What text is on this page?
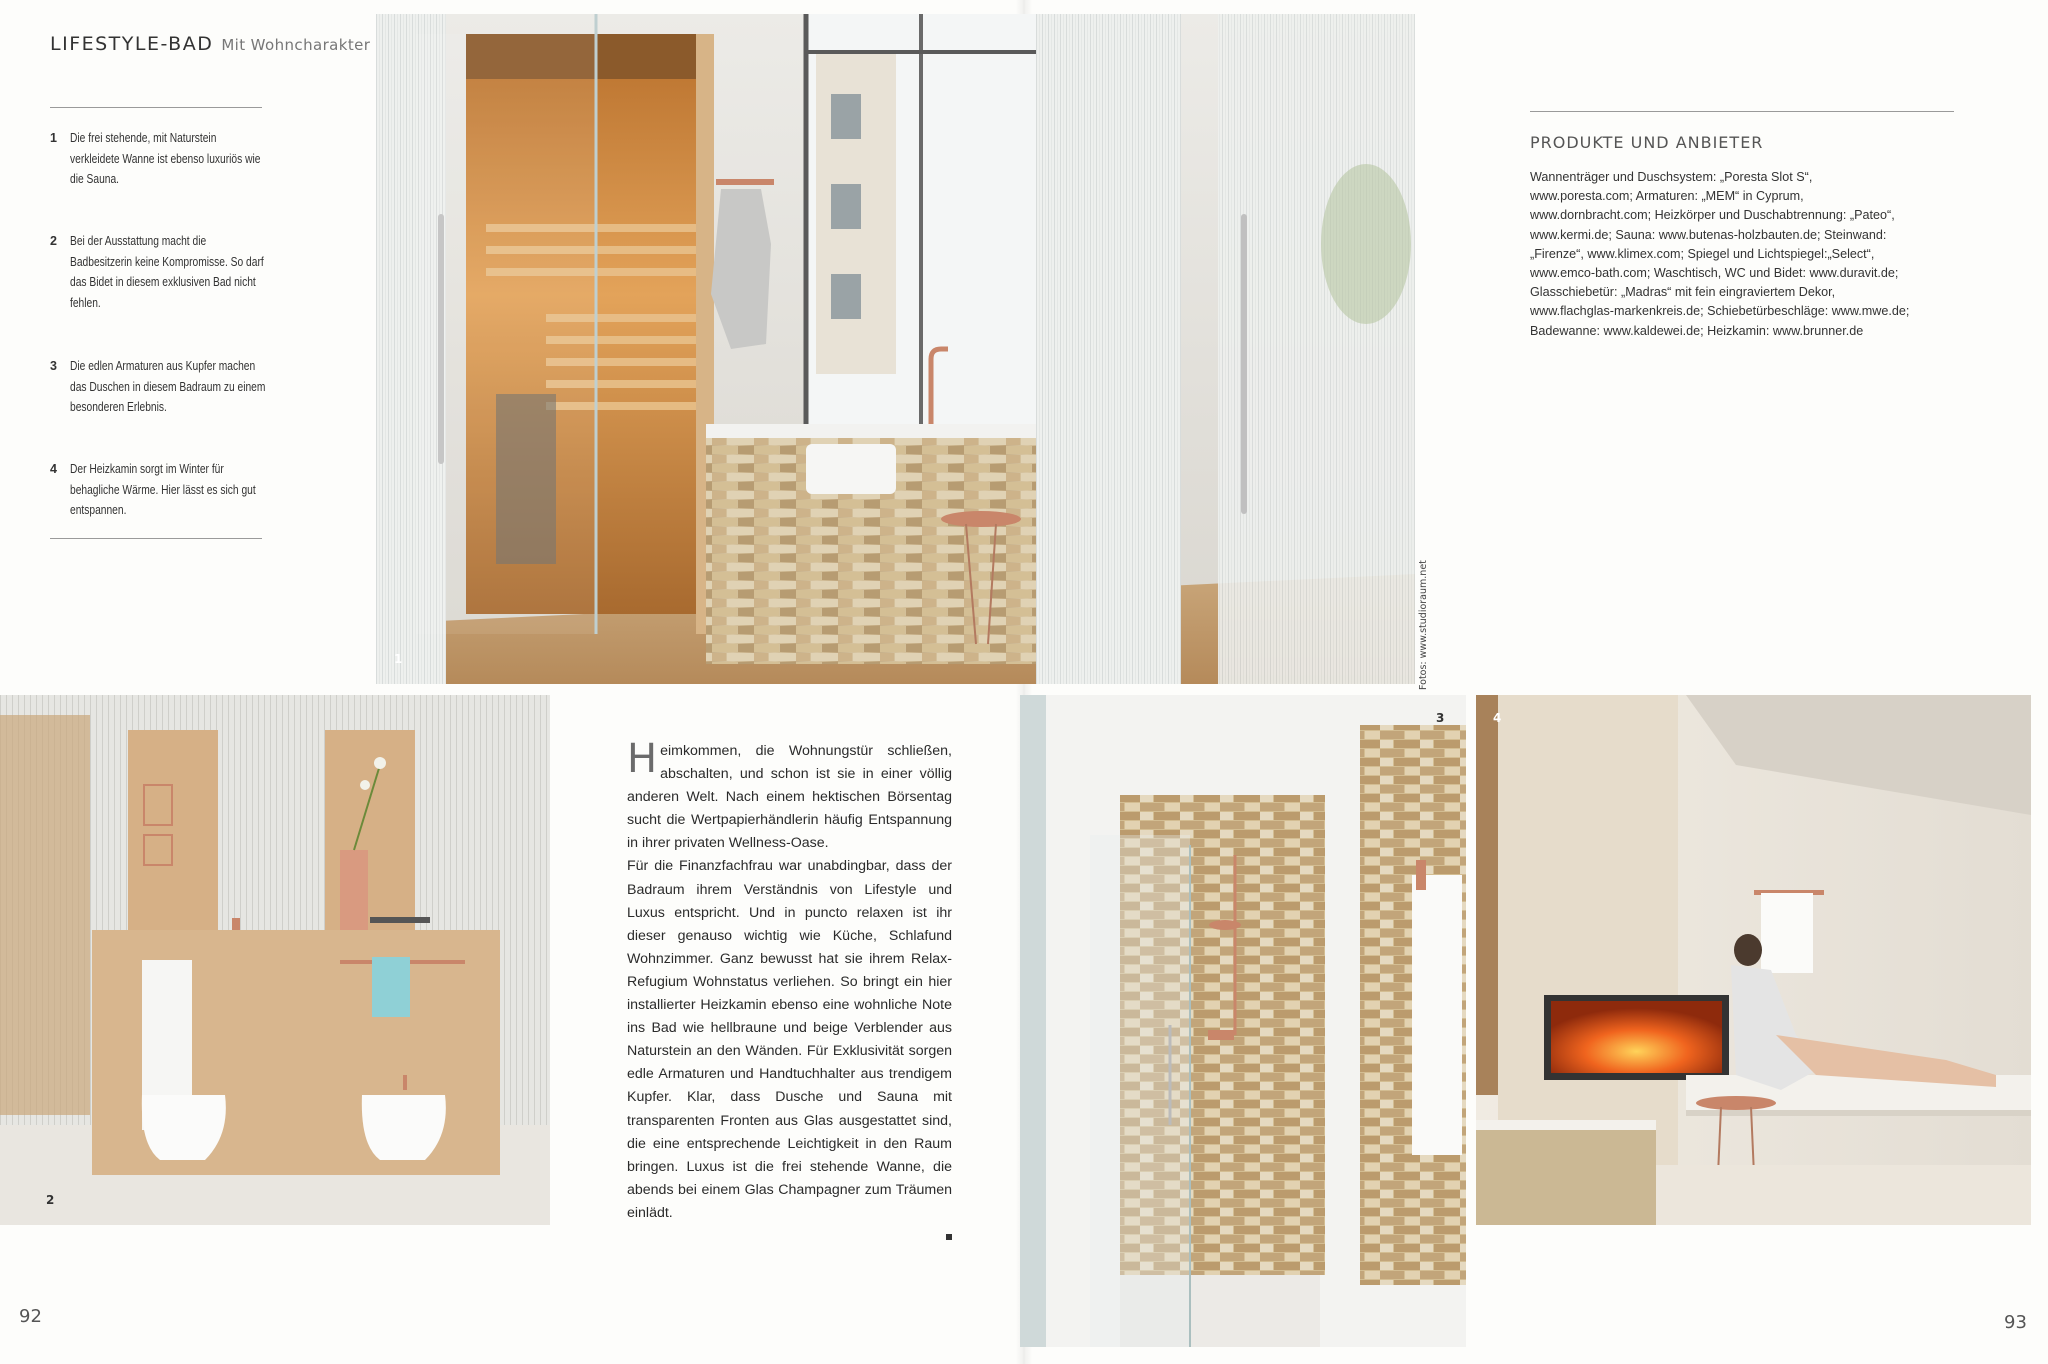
LIFESTYLE-BAD Mit Wohncharakter
1	Die frei stehende, mit Naturstein verkleidete Wanne ist ebenso luxuriös wie die Sauna.
2	Bei der Ausstattung macht die Badbesitzerin keine Kompromisse. So darf das Bidet in diesem exklusiven Bad nicht fehlen.
3	Die edlen Armaturen aus Kupfer machen das Duschen in diesem Badraum zu einem besonderen Erlebnis.
4	Der Heizkamin sorgt im Winter für behagliche Wärme. Hier lässt es sich gut entspannen.
1	Fotos: www.studioraum.net
PRODUKTE UND ANBIETER
Wannenträger und Duschsystem: „Poresta Slot S“,
www.poresta.com; Armaturen: „MEM“ in Cyprum,
www.dornbracht.com; Heizkörper und Duschabtrennung: „Pateo“,
www.kermi.de; Sauna: www.butenas-holzbauten.de; Steinwand:
„Firenze“, www.klimex.com; Spiegel und Lichtspiegel:„Select“,
www.emco-bath.com; Waschtisch, WC und Bidet: www.duravit.de;
Glasschiebetür: „Madras“ mit fein eingraviertem Dekor,
www.flachglas-markenkreis.de; Schiebetürbeschläge: www.mwe.de;
Badewanne: www.kaldewei.de; Heizkamin: www.brunner.de
2
H eimkommen, die Wohnungstür schließen, abschalten, und schon ist sie in einer völlig anderen Welt. Nach einem hektischen Börsentag sucht die Wertpapierhändlerin häufig Entspannung in ihrer privaten Wellness-Oase.

Für die Finanzfachfrau war unabdingbar, dass der Badraum ihrem Verständnis von Lifestyle und Luxus entspricht. Und in puncto relaxen ist ihr dieser genauso wichtig wie Küche, Schlafund Wohnzimmer. Ganz bewusst hat sie ihrem Relax-Refugium Wohnstatus verliehen. So bringt ein hier installierter Heizkamin ebenso eine wohnliche Note ins Bad wie hellbraune und beige Verblender aus Naturstein an den Wänden. Für Exklusivität sorgen edle Armaturen und Handtuchhalter aus trendigem Kupfer. Klar, dass Dusche und Sauna mit transparenten Fronten aus Glas ausgestattet sind, die eine entsprechende Leichtigkeit in den Raum bringen. Luxus ist die frei stehende Wanne, die abends bei einem Glas Champagner zum Träumen einlädt.

3	4
92	93
